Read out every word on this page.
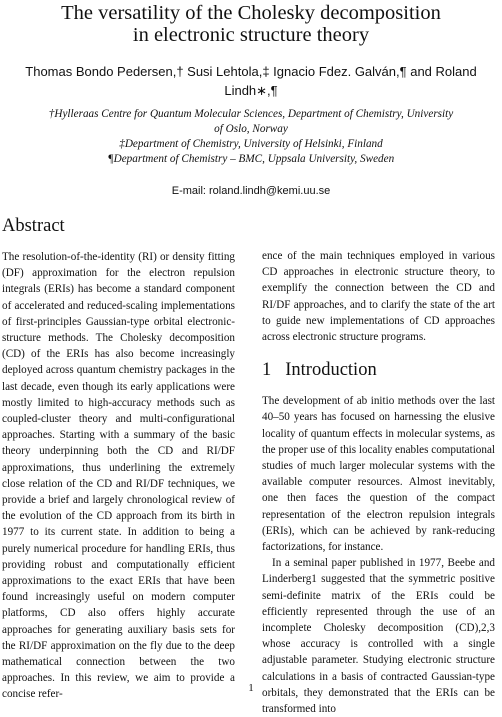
The versatility of the Cholesky decomposition
in electronic structure theory
Thomas Bondo Pedersen,† Susi Lehtola,‡ Ignacio Fdez. Galván,¶ and Roland
Lindh∗,¶
†Hylleraas Centre for Quantum Molecular Sciences, Department of Chemistry, University
of Oslo, Norway
‡Department of Chemistry, University of Helsinki, Finland
¶Department of Chemistry – BMC, Uppsala University, Sweden
E-mail: roland.lindh@kemi.uu.se
Abstract

The resolution-of-the-identity (RI) or density fitting (DF) approximation for the electron repulsion integrals (ERIs) has become a standard component of accelerated and reduced-scaling implementations of first-principles Gaussian-type orbital electronic-structure methods. The Cholesky decomposition (CD) of the ERIs has also become increasingly deployed across quantum chemistry packages in the last decade, even though its early applications were mostly limited to high-accuracy methods such as coupled-cluster theory and multi-configurational approaches. Starting with a summary of the basic theory underpinning both the CD and RI/DF approximations, thus underlining the extremely close relation of the CD and RI/DF techniques, we provide a brief and largely chronological review of the evolution of the CD approach from its birth in 1977 to its current state. In addition to being a purely numerical procedure for handling ERIs, thus providing robust and computationally efficient approximations to the exact ERIs that have been found increasingly useful on modern computer platforms, CD also offers highly accurate approaches for generating auxiliary basis sets for the RI/DF approximation on the fly due to the deep mathematical connection between the two approaches. In this review, we aim to provide a concise refer-

ence of the main techniques employed in various CD approaches in electronic structure theory, to exemplify the connection between the CD and RI/DF approaches, and to clarify the state of the art to guide new implementations of CD approaches across electronic structure programs.

1 Introduction

The development of ab initio methods over the last 40–50 years has focused on harnessing the elusive locality of quantum effects in molecular systems, as the proper use of this locality enables computational studies of much larger molecular systems with the available computer resources. Almost inevitably, one then faces the question of the compact representation of the electron repulsion integrals (ERIs), which can be achieved by rank-reducing factorizations, for instance.

In a seminal paper published in 1977, Beebe and Linderberg1 suggested that the symmetric positive semi-definite matrix of the ERIs could be efficiently represented through the use of an incomplete Cholesky decomposition (CD),2,3 whose accuracy is controlled with a single adjustable parameter. Studying electronic structure calculations in a basis of contracted Gaussian-type orbitals, they demonstrated that the ERIs can be transformed into

1
